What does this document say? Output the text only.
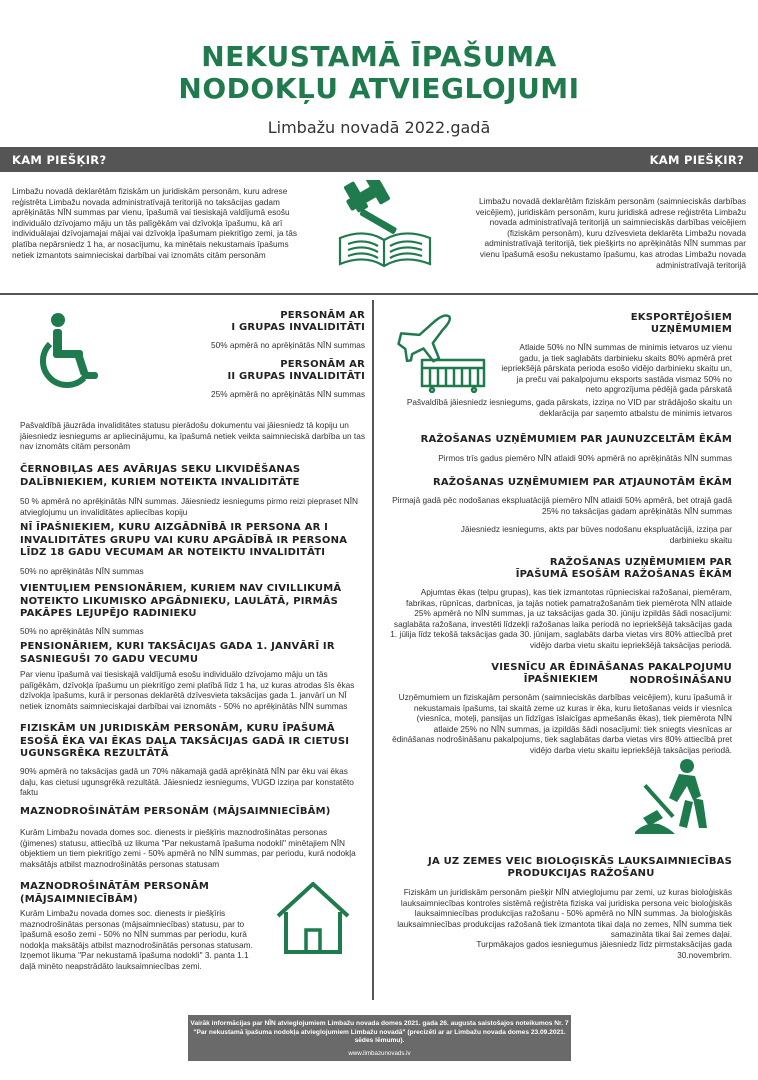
NEKUSTAMĀ ĪPAŠUMA
NODOKĻU ATVIEGLOJUMI
Limbažu novadā 2022.gadā
KAM PIEŠĶIR?	KAM PIEŠĶIR?
Limbažu novadā deklarētām fiziskām un juridiskām personām, kuru adrese reģistrēta Limbažu novada administratīvajā teritorijā no taksācijas gadam aprēķinātās NĪN summas par vienu, īpašumā vai tiesiskajā valdījumā esošu individuālo dzīvojamo māju un tās palīgēkām vai dzīvokļa īpašumu, kā arī individuālajai dzīvojamajai mājai vai dzīvokļa īpašumam piekritīgo zemi, ja tās platība nepārsniedz 1 ha, ar nosacījumu, ka minētais nekustamais īpašums netiek izmantots saimnieciskai darbībai vai iznomāts citām personām
Limbažu novadā deklarētām fiziskām personām (saimnieciskās darbības veicējiem), juridiskām personām, kuru juridiskā adrese reģistrēta Limbažu novada administratīvajā teritorijā un saimnieciskās darbības veicējiem (fiziskām personām), kuru dzīvesvieta deklarēta Limbažu novada administratīvajā teritorijā, tiek piešķirts no aprēķinātās NĪN summas par vienu īpašumā esošu nekustamo īpašumu, kas atrodas Limbažu novada administratīvajā teritorijā
PERSONĀM AR
I GRUPAS INVALIDITĀTI
50% apmērā no aprēķinātās NĪN summas
PERSONĀM AR
II GRUPAS INVALIDITĀTI
25% apmērā no aprēķinātās NĪN summas
Pašvaldībā jāuzrāda invaliditātes statusu pierādošu dokumentu vai jāiesniedz tā kopiju un jāiesniedz iesniegums ar apliecinājumu, ka īpašumā netiek veikta saimnieciskā darbība un tas nav iznomāts citām personām
ČERNOBIĻAS AES AVĀRIJAS SEKU LIKVIDĒŠANAS DALĪBNIEKIEM, KURIEM NOTEIKTA INVALIDITĀTE
50 % apmērā no aprēķinātās NĪN summas. Jāiesniedz iesniegums pirmo reizi piepraset NĪN atvieglojumu un invaliditātes apliecības kopiju
NĪ ĪPAŠNIEKIEM, KURU AIZGĀDNĪBĀ IR PERSONA AR I INVALIDITĀTES GRUPU VAI KURU APGĀDĪBĀ IR PERSONA LĪDZ 18 GADU VECUMAM AR NOTEIKTU INVALIDITĀTI
50% no aprēķinātās NĪN summas
VIENTUĻIEM PENSIONĀRIEM, KURIEM NAV CIVILLIKUMĀ NOTEIKTO LIKUMISKO APGĀDNIEKU, LAULĀTĀ, PIRMĀS PAKĀPES LEJUPĒJO RADINIEKU
50% no aprēķinātās NĪN summas
PENSIONĀRIEM, KURI TAKSĀCIJAS GADA 1. JANVĀRĪ IR SASNIEGUŠI 70 GADU VECUMU
Par vienu īpašumā vai tiesiskajā valdījumā esošu individuālo dzīvojamo māju un tās palīgēkām, dzīvokļa īpašumu un piekritīgo zemi platībā līdz 1 ha, uz kuras atrodas šīs ēkas dzīvokļa īpašums, kurā ir personas deklarētā dzīvesvieta taksācijas gada 1. janvārī un NĪ netiek iznomāts saimnieciskajai darbībai vai iznomāts - 50% no aprēķinātās NĪN summas
FIZISKĀM UN JURIDISKĀM PERSONĀM, KURU ĪPAŠUMĀ ESOŠĀ ĒKA VAI ĒKAS DAĻA TAKSĀCIJAS GADĀ IR CIETUSI UGUNSGRĒKA REZULTĀTĀ
90% apmērā no taksācijas gadā un 70% nākamajā gadā aprēķinātā NĪN par ēku vai ēkas daļu, kas cietusi ugunsgrēkā rezultātā. Jāiesniedz iesniegums, VUGD izziņa par konstatēto faktu
MAZNODROŠINĀTĀM PERSONĀM (MĀJSAIMNIECĪBĀM)
Kurām Limbažu novada domes soc. dienests ir piešķīris maznodrošinātas personas (ģimenes) statusu, attiecībā uz likuma "Par nekustamā īpašuma nodokli" minētajiem NĪN objektiem un tiem piekritīgo zemi - 50% apmērā no NĪN summas, par periodu, kurā nodokļa maksātājs atbilst maznodrošinātās personas statusam
MAZNODROŠINĀTĀM PERSONĀM (MĀJSAIMNIECĪBĀM)
Kurām Limbažu novada domes soc. dienests ir piešķīris maznodrošinātas personas (mājsaimniecības) statusu, par to īpašumā esošo zemi - 50% no NĪN summas par periodu, kurā nodokļa maksātājs atbilst maznodrošinātās personas statusam. Izņemot likuma "Par nekustamā īpašuma nodokli" 3. panta 1.1 daļā minēto neapstrādāto lauksaimniecības zemi.
EKSPORTĒJOŠIEM
UZŅĒMUMIEM
Atlaide 50% no NĪN summas de minimis ietvaros uz vienu gadu, ja tiek saglabāts darbinieku skaits 80% apmērā pret iepriekšējā pārskata perioda esošo vidējo darbinieku skaitu un, ja preču vai pakalpojumu eksports sastāda vismaz 50% no neto apgrozījuma pēdējā gada pārskatā
Pašvaldībā jāiesniedz iesniegums, gada pārskats, izziņa no VID par strādājošo skaitu un deklarācija par saņemto atbalstu de minimis ietvaros
RAŽOŠANAS UZŅĒMUMIEM PAR JAUNUZCELTĀM ĒKĀM
Pirmos trīs gadus piemēro NĪN atlaidi 90% apmērā no aprēķinātās NĪN summas
RAŽOŠANAS UZŅĒMUMIEM PAR ATJAUNOTĀM ĒKĀM
Pirmajā gadā pēc nodošanas ekspluatācijā piemēro NĪN atlaidi 50% apmērā, bet otrajā gadā 25% no taksācijas gadam aprēķinātās NĪN summas
Jāiesniedz iesniegums, akts par būves nodošanu ekspluatācijā, izziņa par darbinieku skaitu
RAŽOŠANAS UZŅĒMUMIEM PAR
ĪPAŠUMĀ ESOŠĀM RAŽOŠANAS ĒKĀM
Apjumtas ēkas (telpu grupas), kas tiek izmantotas rūpnieciskai ražošanai, piemēram, fabrikas, rūpnīcas, darbnīcas, ja tajās notiek pamatražošanām tiek piemērota NĪN atlaide 25% apmērā no NĪN summas, ja uz taksācijas gada 30. jūniju izpildās šādi nosacījumi: saglabāta ražošana, investēti līdzekļi ražošanas laika periodā no iepriekšējā taksācijas gada 1. jūlija līdz tekošā taksācijas gada 30. jūnijam, saglabāts darba vietas virs 80% attiecībā pret vidējo darba vietu skaitu iepriekšējā taksācijas periodā.
VIESNĪCU AR ĒDINĀŠANAS PAKALPOJUMU NODROŠINĀŠANU
ĪPAŠNIEKIEM
Uzņēmumiem un fiziskajām personām (saimnieciskās darbības veicējiem), kuru īpašumā ir nekustamais īpašums, tai skaitā zeme uz kuras ir ēka, kuru lietošanas veids ir viesnīca (viesnīca, moteļi, pansijas un līdzīgas īslaicīgas apmešanās ēkas), tiek piemērota NĪN atlaide 25% no NĪN summas, ja izpildās šādi nosacījumi: tiek sniegts viesnīcas ar ēdināšanas nodrošināšanu pakalpojums, tiek saglabātas darba vietas virs 80% attiecībā pret vidējo darba vietu skaitu iepriekšējā taksācijas periodā.
JA UZ ZEMES VEIC BIOLOĢISKĀS LAUKSAIMNIECĪBAS
PRODUKCIJAS RAŽOŠANU
Fiziskām un juridiskām personām piešķir NĪN atvieglojumu par zemi, uz kuras bioloģiskās lauksaimniecības kontroles sistēmā reģistrēta fiziska vai juridiska persona veic bioloģiskās lauksaimniecības produkcijas ražošanu - 50% apmērā no NĪN summas. Ja bioloģiskās lauksaimniecības produkcijas ražošanā tiek izmantota tikai daļa no zemes, NĪN summa tiek samazināta tikai šai zemes daļai.
Turpmākajos gados iesniegumus jāiesniedz līdz pirmstaksācijas gada 30.novembrim.
Vairāk informācijas par NĪN atvieglojumiem Limbažu novada domes 2021. gada 26. augusta saistošajos noteikumos Nr. 7 "Par nekustamā īpašuma nodokļa atvieglojumiem Limbažu novadā" (precizēti ar ar Limbažu novada domes 23.09.2021. sēdes lēmumu).
www.limbazunovads.lv
